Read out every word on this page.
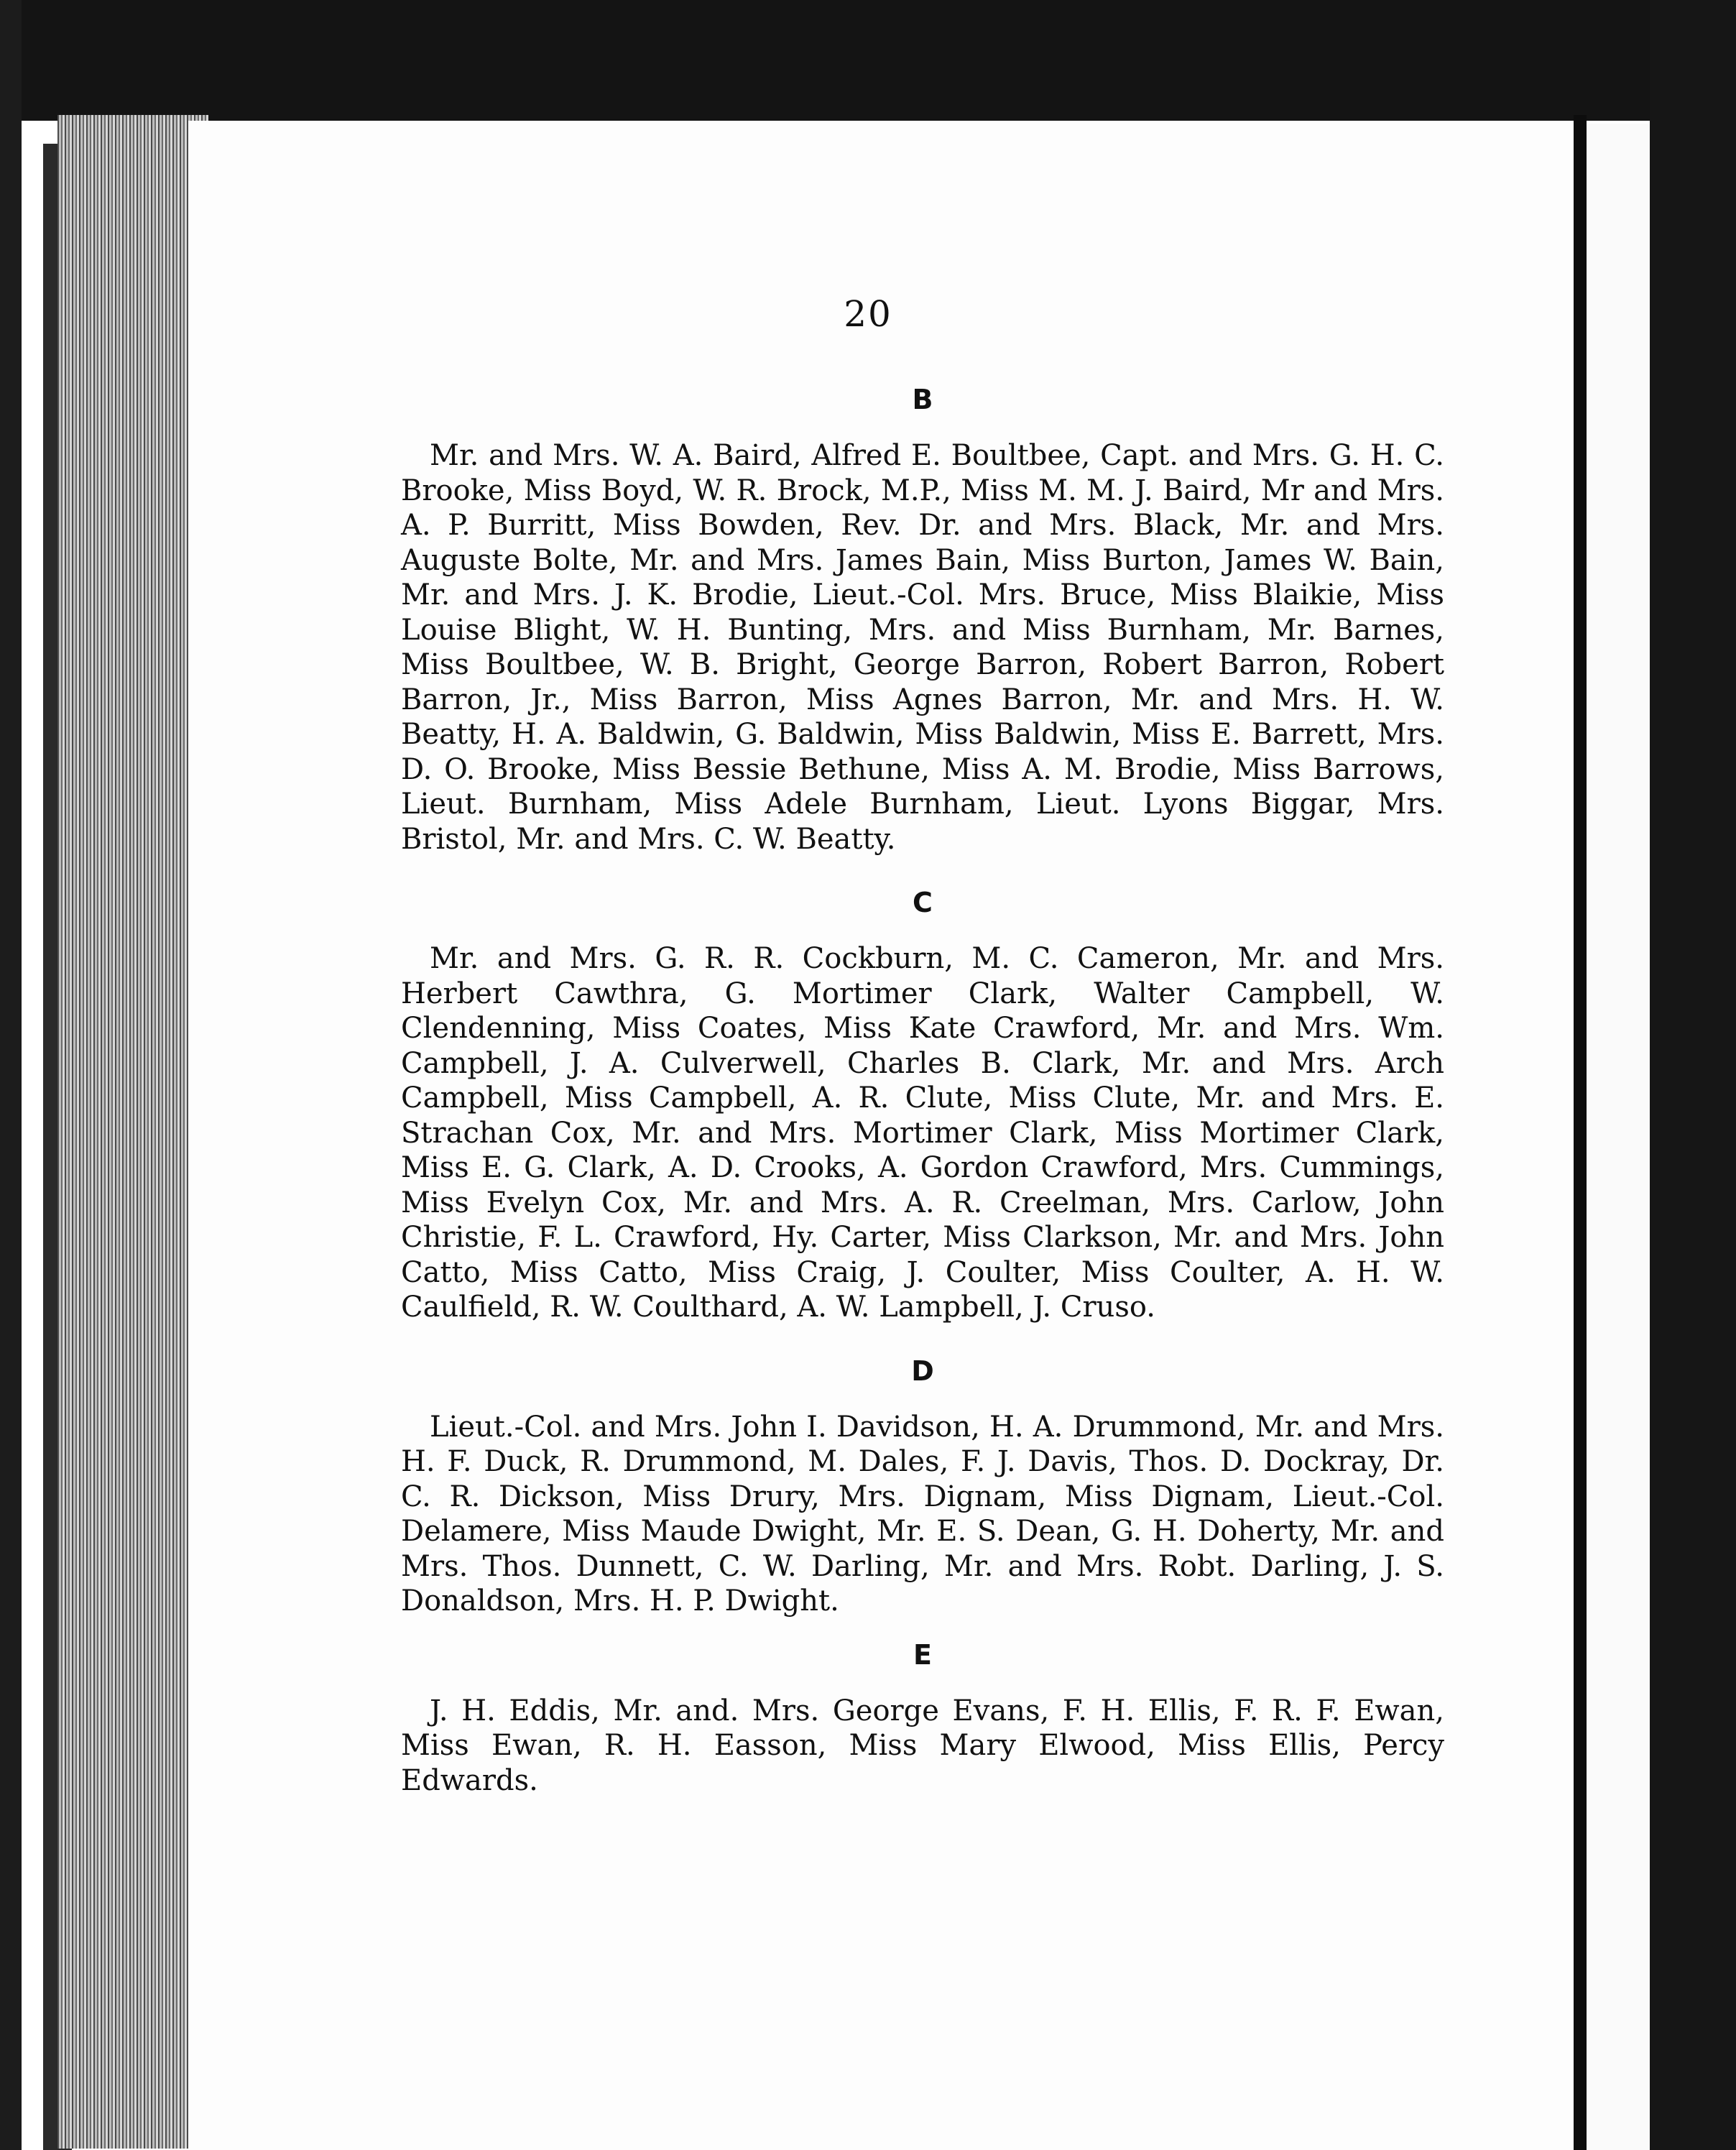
20
B

Mr. and Mrs. W. A. Baird, Alfred E. Boultbee, Capt. and Mrs. G. H. C. Brooke, Miss Boyd, W. R. Brock, M.P., Miss M. M. J. Baird, Mr and Mrs. A. P. Burritt, Miss Bowden, Rev. Dr. and Mrs. Black, Mr. and Mrs. Auguste Bolte, Mr. and Mrs. James Bain, Miss Burton, James W. Bain, Mr. and Mrs. J. K. Brodie, Lieut.-Col. Mrs. Bruce, Miss Blaikie, Miss Louise Blight, W. H. Bunting, Mrs. and Miss Burnham, Mr. Barnes, Miss Boultbee, W. B. Bright, George Barron, Robert Barron, Robert Barron, Jr., Miss Barron, Miss Agnes Barron, Mr. and Mrs. H. W. Beatty, H. A. Baldwin, G. Baldwin, Miss Baldwin, Miss E. Barrett, Mrs. D. O. Brooke, Miss Bessie Bethune, Miss A. M. Brodie, Miss Barrows, Lieut. Burnham, Miss Adele Burnham, Lieut. Lyons Biggar, Mrs. Bristol, Mr. and Mrs. C. W. Beatty.

C

Mr. and Mrs. G. R. R. Cockburn, M. C. Cameron, Mr. and Mrs. Herbert Cawthra, G. Mortimer Clark, Walter Campbell, W. Clendenning, Miss Coates, Miss Kate Crawford, Mr. and Mrs. Wm. Campbell, J. A. Culverwell, Charles B. Clark, Mr. and Mrs. Arch Campbell, Miss Campbell, A. R. Clute, Miss Clute, Mr. and Mrs. E. Strachan Cox, Mr. and Mrs. Mortimer Clark, Miss Mortimer Clark, Miss E. G. Clark, A. D. Crooks, A. Gordon Crawford, Mrs. Cummings, Miss Evelyn Cox, Mr. and Mrs. A. R. Creelman, Mrs. Carlow, John Christie, F. L. Crawford, Hy. Carter, Miss Clarkson, Mr. and Mrs. John Catto, Miss Catto, Miss Craig, J. Coulter, Miss Coulter, A. H. W. Caulfield, R. W. Coulthard, A. W. Lampbell, J. Cruso.

D

Lieut.-Col. and Mrs. John I. Davidson, H. A. Drummond, Mr. and Mrs. H. F. Duck, R. Drummond, M. Dales, F. J. Davis, Thos. D. Dockray, Dr. C. R. Dickson, Miss Drury, Mrs. Dignam, Miss Dignam, Lieut.-Col. Delamere, Miss Maude Dwight, Mr. E. S. Dean, G. H. Doherty, Mr. and Mrs. Thos. Dunnett, C. W. Darling, Mr. and Mrs. Robt. Darling, J. S. Donaldson, Mrs. H. P. Dwight.

E

J. H. Eddis, Mr. and. Mrs. George Evans, F. H. Ellis, F. R. F. Ewan, Miss Ewan, R. H. Easson, Miss Mary Elwood, Miss Ellis, Percy Edwards.
